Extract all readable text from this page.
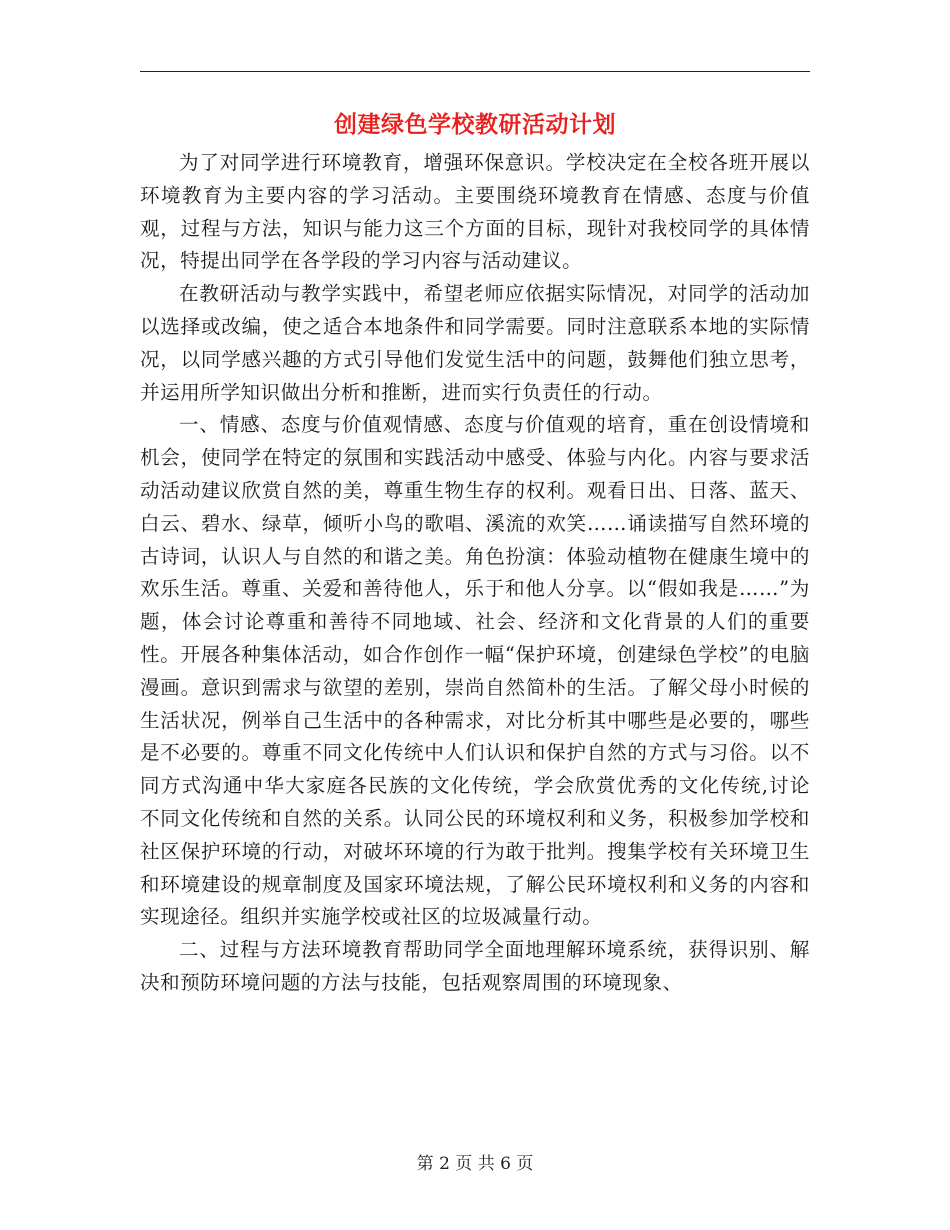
创建绿色学校教研活动计划

为了对同学进行环境教育，增强环保意识。学校决定在全校各班开展以环境教育为主要内容的学习活动。主要围绕环境教育在情感、态度与价值观，过程与方法，知识与能力这三个方面的目标，现针对我校同学的具体情况，特提出同学在各学段的学习内容与活动建议。

在教研活动与教学实践中，希望老师应依据实际情况，对同学的活动加以选择或改编，使之适合本地条件和同学需要。同时注意联系本地的实际情况，以同学感兴趣的方式引导他们发觉生活中的问题，鼓舞他们独立思考，并运用所学知识做出分析和推断，进而实行负责任的行动。

一、情感、态度与价值观情感、态度与价值观的培育，重在创设情境和机会，使同学在特定的氛围和实践活动中感受、体验与内化。内容与要求活动活动建议欣赏自然的美，尊重生物生存的权利。观看日出、日落、蓝天、白云、碧水、绿草，倾听小鸟的歌唱、溪流的欢笑……诵读描写自然环境的古诗词，认识人与自然的和谐之美。角色扮演：体验动植物在健康生境中的欢乐生活。尊重、关爱和善待他人，乐于和他人分享。以“假如我是……”为题，体会讨论尊重和善待不同地域、社会、经济和文化背景的人们的重要性。开展各种集体活动，如合作创作一幅“保护环境，创建绿色学校”的电脑漫画。意识到需求与欲望的差别，崇尚自然简朴的生活。了解父母小时候的生活状况，例举自己生活中的各种需求，对比分析其中哪些是必要的，哪些是不必要的。尊重不同文化传统中人们认识和保护自然的方式与习俗。以不同方式沟通中华大家庭各民族的文化传统，学会欣赏优秀的文化传统,讨论不同文化传统和自然的关系。认同公民的环境权利和义务，积极参加学校和社区保护环境的行动，对破坏环境的行为敢于批判。搜集学校有关环境卫生和环境建设的规章制度及国家环境法规，了解公民环境权利和义务的内容和实现途径。组织并实施学校或社区的垃圾减量行动。

二、过程与方法环境教育帮助同学全面地理解环境系统，获得识别、解决和预防环境问题的方法与技能，包括观察周围的环境现象、

第 2 页 共 6 页
